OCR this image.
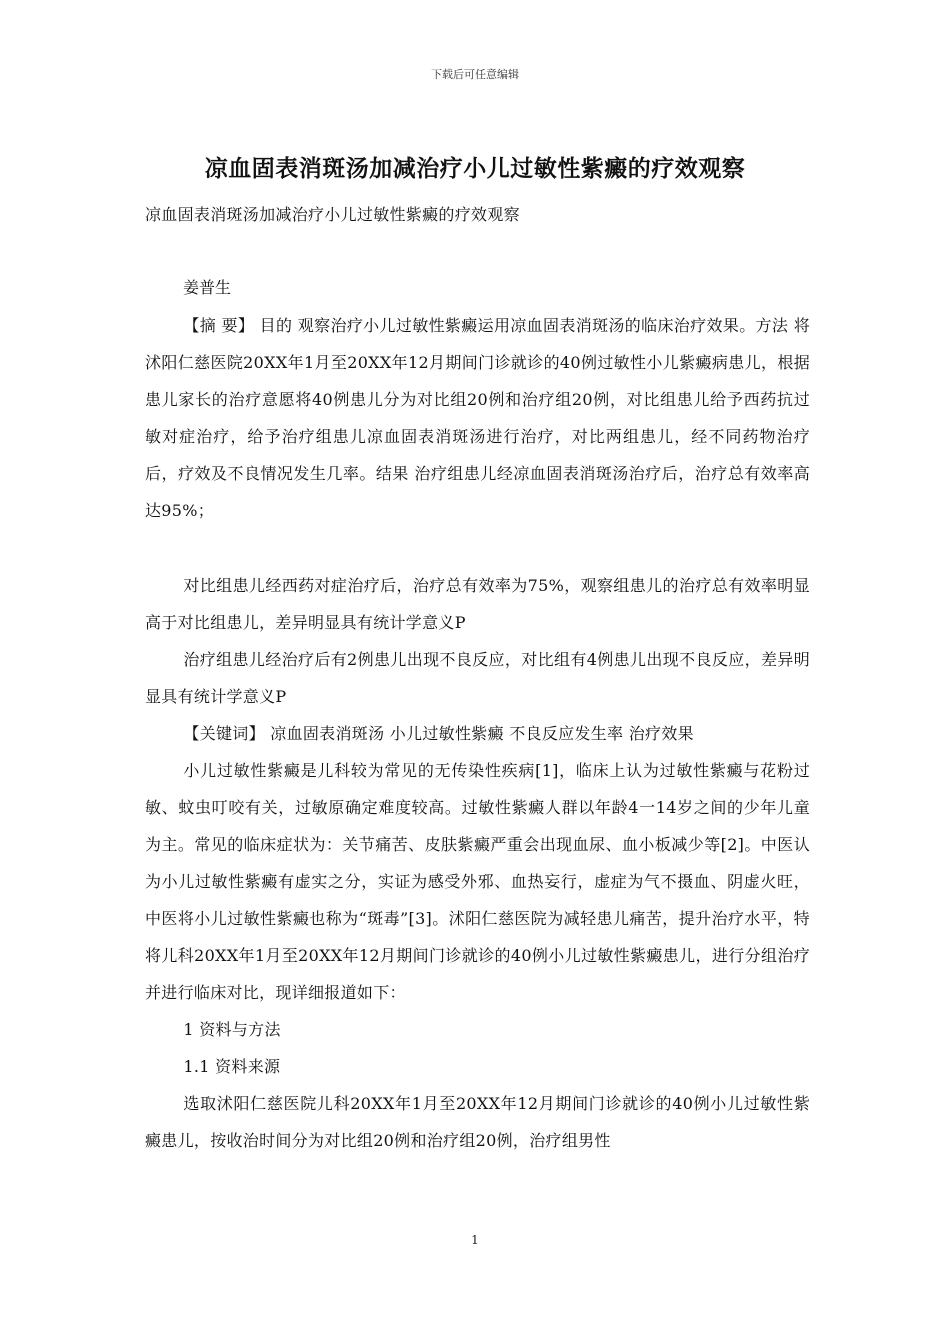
下载后可任意编辑
凉血固表消斑汤加减治疗小儿过敏性紫癜的疗效观察
凉血固表消斑汤加减治疗小儿过敏性紫癜的疗效观察
姜普生

【摘 要】 目的 观察治疗小儿过敏性紫癜运用凉血固表消斑汤的临床治疗效果。方法 将沭阳仁慈医院20XX年1月至20XX年12月期间门诊就诊的40例过敏性小儿紫癜病患儿，根据患儿家长的治疗意愿将40例患儿分为对比组20例和治疗组20例，对比组患儿给予西药抗过敏对症治疗，给予治疗组患儿凉血固表消斑汤进行治疗，对比两组患儿，经不同药物治疗后，疗效及不良情况发生几率。结果 治疗组患儿经凉血固表消斑汤治疗后，治疗总有效率高达95%；

对比组患儿经西药对症治疗后，治疗总有效率为75%，观察组患儿的治疗总有效率明显高于对比组患儿，差异明显具有统计学意义P

治疗组患儿经治疗后有2例患儿出现不良反应，对比组有4例患儿出现不良反应，差异明显具有统计学意义P

【关键词】 凉血固表消斑汤 小儿过敏性紫癜 不良反应发生率 治疗效果

小儿过敏性紫癜是儿科较为常见的无传染性疾病[1]，临床上认为过敏性紫癜与花粉过敏、蚊虫叮咬有关，过敏原确定难度较高。过敏性紫癜人群以年龄4一14岁之间的少年儿童为主。常见的临床症状为：关节痛苦、皮肤紫癜严重会出现血尿、血小板减少等[2]。中医认为小儿过敏性紫癜有虚实之分，实证为感受外邪、血热妄行，虚症为气不摄血、阴虚火旺，中医将小儿过敏性紫癜也称为“斑毒”[3]。沭阳仁慈医院为减轻患儿痛苦，提升治疗水平，特将儿科20XX年1月至20XX年12月期间门诊就诊的40例小儿过敏性紫癜患儿，进行分组治疗并进行临床对比，现详细报道如下：

1 资料与方法

1.1 资料来源

选取沭阳仁慈医院儿科20XX年1月至20XX年12月期间门诊就诊的40例小儿过敏性紫癜患儿，按收治时间分为对比组20例和治疗组20例，治疗组男性

1
